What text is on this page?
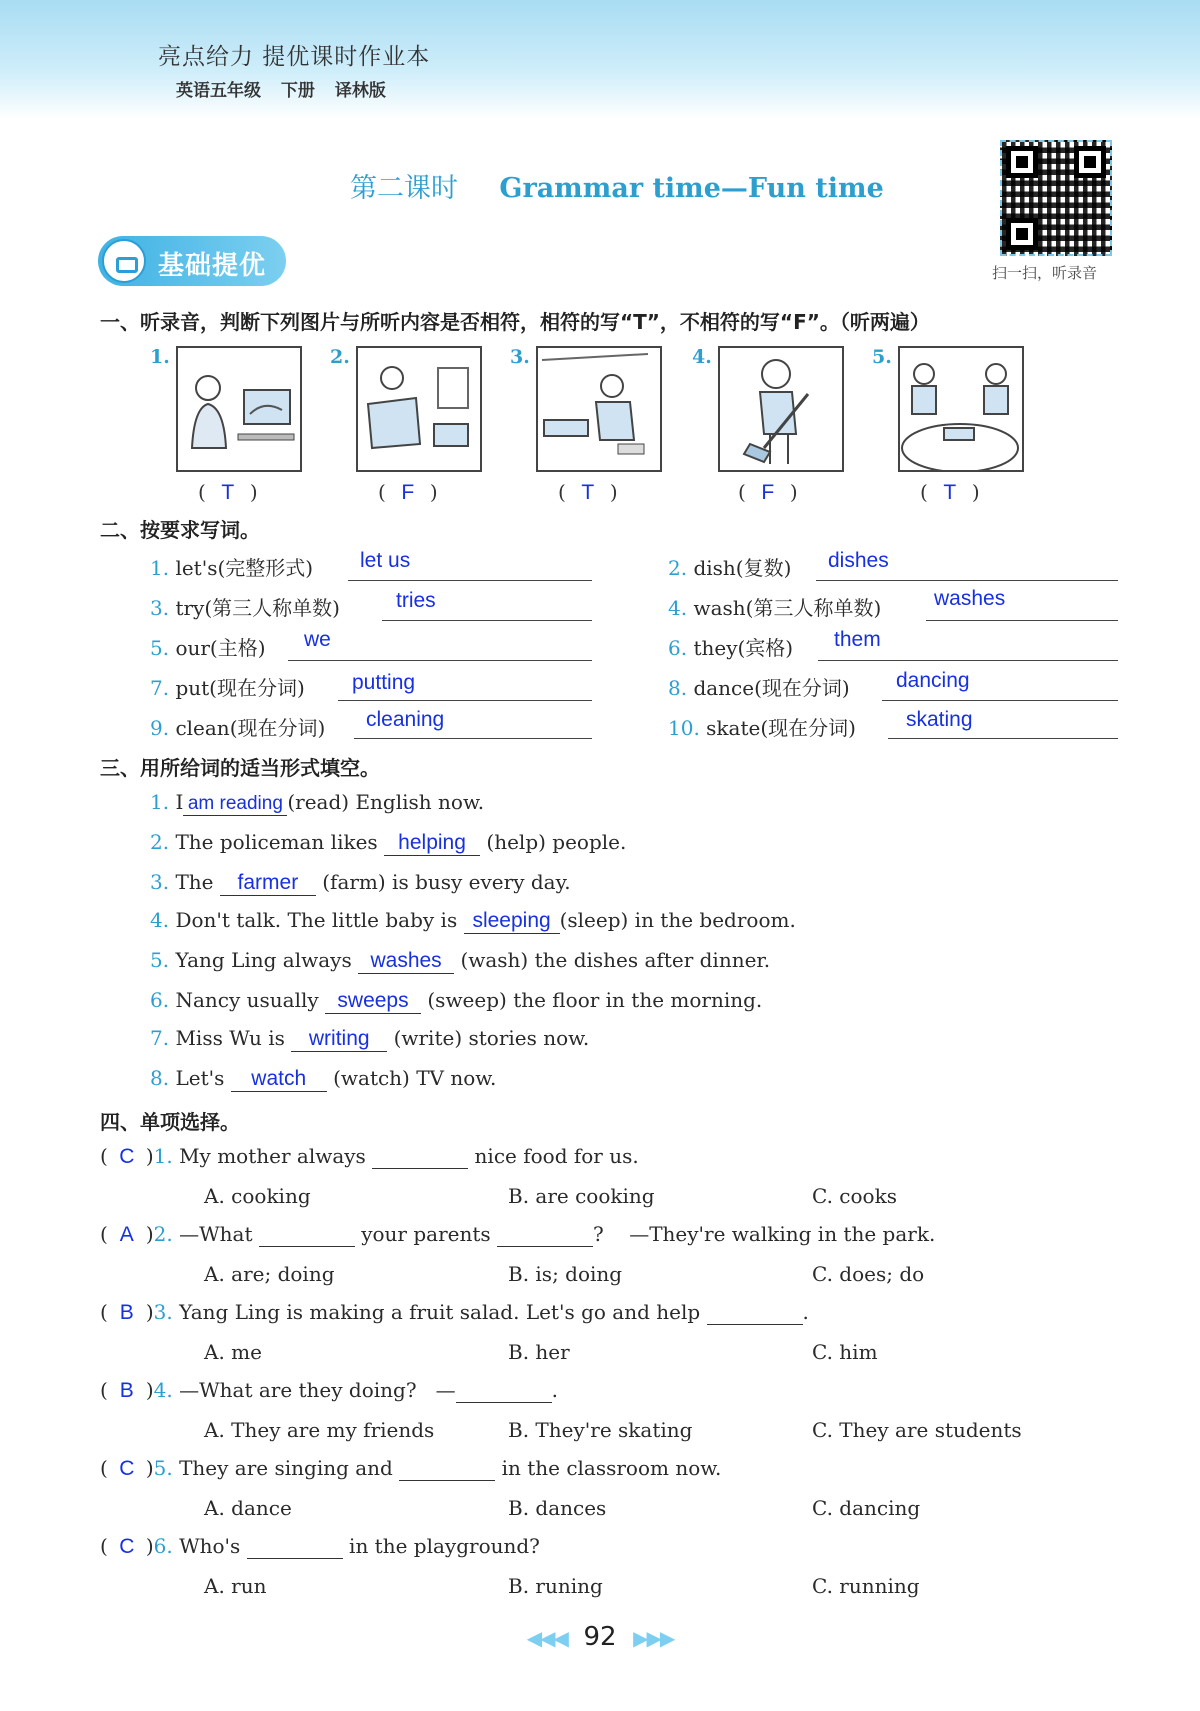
亮点给力 提优课时作业本
英语五年级 下册 译林版
第二课时 Grammar time—Fun time
扫一扫，听录音
基础提优
一、听录音，判断下列图片与所听内容是否相符，相符的写“T”，不相符的写“F”。（听两遍）
1.
( T )
2.
( F )
3.
( T )
4.
( F )
5.
( T )
二、按要求写词。
1. let's(完整形式) let us	2. dish(复数) dishes
3. try(第三人称单数)	tries	4. wash(第三人称单数)	washes
5. our(主格) we	6. they(宾格) them
7. put(现在分词) putting	8. dance(现在分词) dancing
9. clean(现在分词) cleaning	10. skate(现在分词) skating
三、用所给词的适当形式填空。
1. I am reading (read) English now.
2. The policeman likes helping (help) people.
3. The farmer (farm) is busy every day.
4. Don't talk. The little baby is sleeping (sleep) in the bedroom.
5. Yang Ling always washes (wash) the dishes after dinner.
6. Nancy usually sweeps (sweep) the floor in the morning.
7. Miss Wu is writing (write) stories now.
8. Let's watch (watch) TV now.
四、单项选择。
( C )1. My mother always	nice food for us.
A. cooking	B. are cooking	C. cooks
( A )2. —What	your parents	? —They're walking in the park.
A. are; doing	B. is; doing	C. does; do
( B )3. Yang Ling is making a fruit salad. Let's go and help	.
A. me	B. her	C. him
( B )4. —What are they doing? —	.
A. They are my friends	B. They're skating	C. They are students
( C )5. They are singing and	in the classroom now.
A. dance	B. dances	C. dancing
( C )6. Who's	in the playground?
A. run	B. runing	C. running
◀◀◀ 92 ▶▶▶
